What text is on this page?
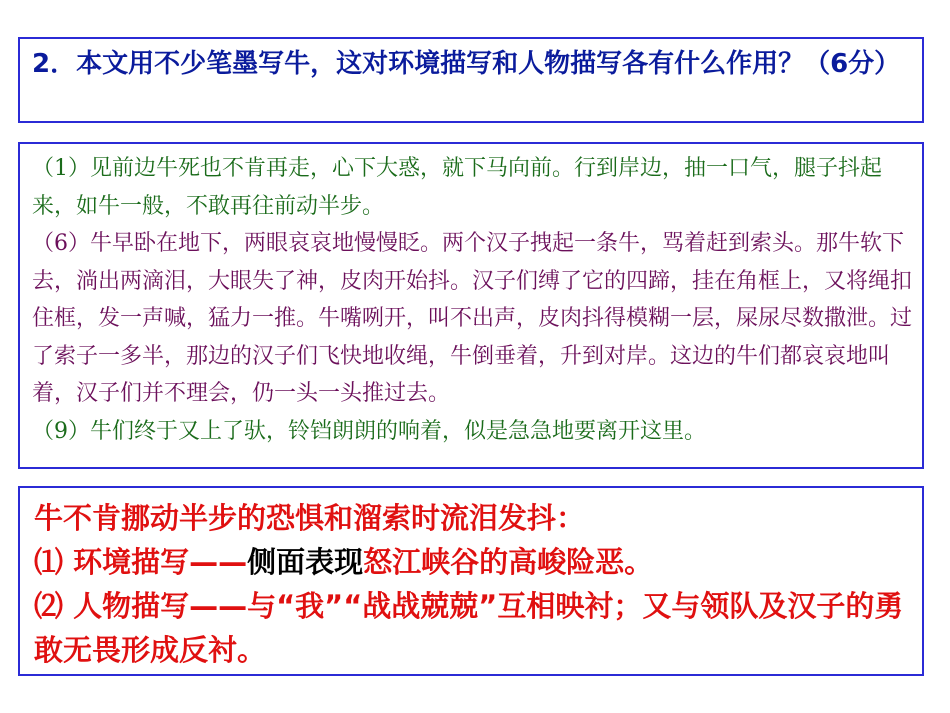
2．本文用不少笔墨写牛，这对环境描写和人物描写各有什么作用？（6分）

（1）见前边牛死也不肯再走，心下大惑，就下马向前。行到岸边，抽一口气，腿子抖起来，如牛一般，不敢再往前动半步。

（6）牛早卧在地下，两眼哀哀地慢慢眨。两个汉子拽起一条牛，骂着赶到索头。那牛软下去，淌出两滴泪，大眼失了神，皮肉开始抖。汉子们缚了它的四蹄，挂在角框上，又将绳扣住框，发一声喊，猛力一推。牛嘴咧开，叫不出声，皮肉抖得模糊一层，屎尿尽数撒泄。过了索子一多半，那边的汉子们飞快地收绳，牛倒垂着，升到对岸。这边的牛们都哀哀地叫着，汉子们并不理会，仍一头一头推过去。

（9）牛们终于又上了驮，铃铛朗朗的响着，似是急急地要离开这里。

牛不肯挪动半步的恐惧和溜索时流泪发抖：

⑴ 环境描写——侧面表现怒江峡谷的高峻险恶。

⑵ 人物描写——与“我”“战战兢兢”互相映衬；又与领队及汉子的勇敢无畏形成反衬。
